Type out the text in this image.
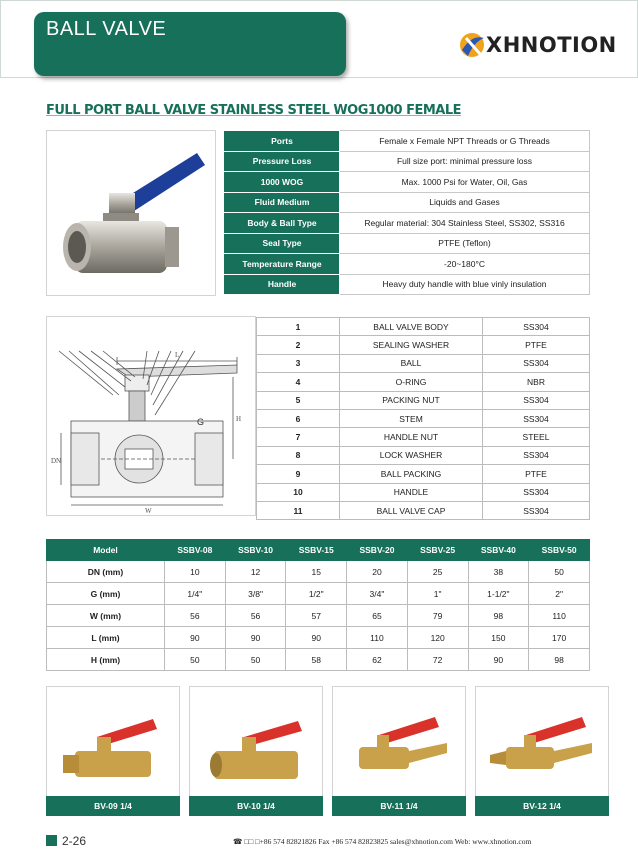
BALL VALVE
XHNOTION
FULL PORT BALL VALVE STAINLESS STEEL WOG1000 FEMALE
Ports	Female x Female NPT Threads or G Threads
Pressure Loss	Full size port: minimal pressure loss
1000 WOG	Max. 1000 Psi for Water, Oil, Gas
Fluid Medium	Liquids and Gases
Body & Ball Type	Regular material: 304 Stainless Steel, SS302, SS316
Seal Type	PTFE (Teflon)
Temperature Range	-20~180°C
Handle	Heavy duty handle with blue vinly insulation
G
L
H
W
DN
1	BALL VALVE BODY	SS304
2	SEALING WASHER	PTFE
3	BALL	SS304
4	O-RING	NBR
5	PACKING NUT	SS304
6	STEM	SS304
7	HANDLE NUT	STEEL
8	LOCK WASHER	SS304
9	BALL PACKING	PTFE
10	HANDLE	SS304
11	BALL VALVE CAP	SS304
Model	SSBV-08	SSBV-10	SSBV-15	SSBV-20	SSBV-25	SSBV-40	SSBV-50
DN (mm)	10	12	15	20	25	38	50
G (mm)	1/4"	3/8"	1/2"	3/4"	1"	1-1/2"	2"
W (mm)	56	56	57	65	79	98	110
L (mm)	90	90	90	110	120	150	170
H (mm)	50	50	58	62	72	90	98
BV-09 1/4	BV-10 1/4	BV-11 1/4	BV-12 1/4
2-26	☎ □□ □+86 574 82821826 Fax +86 574 82823825 sales@xhnotion.com Web: www.xhnotion.com
